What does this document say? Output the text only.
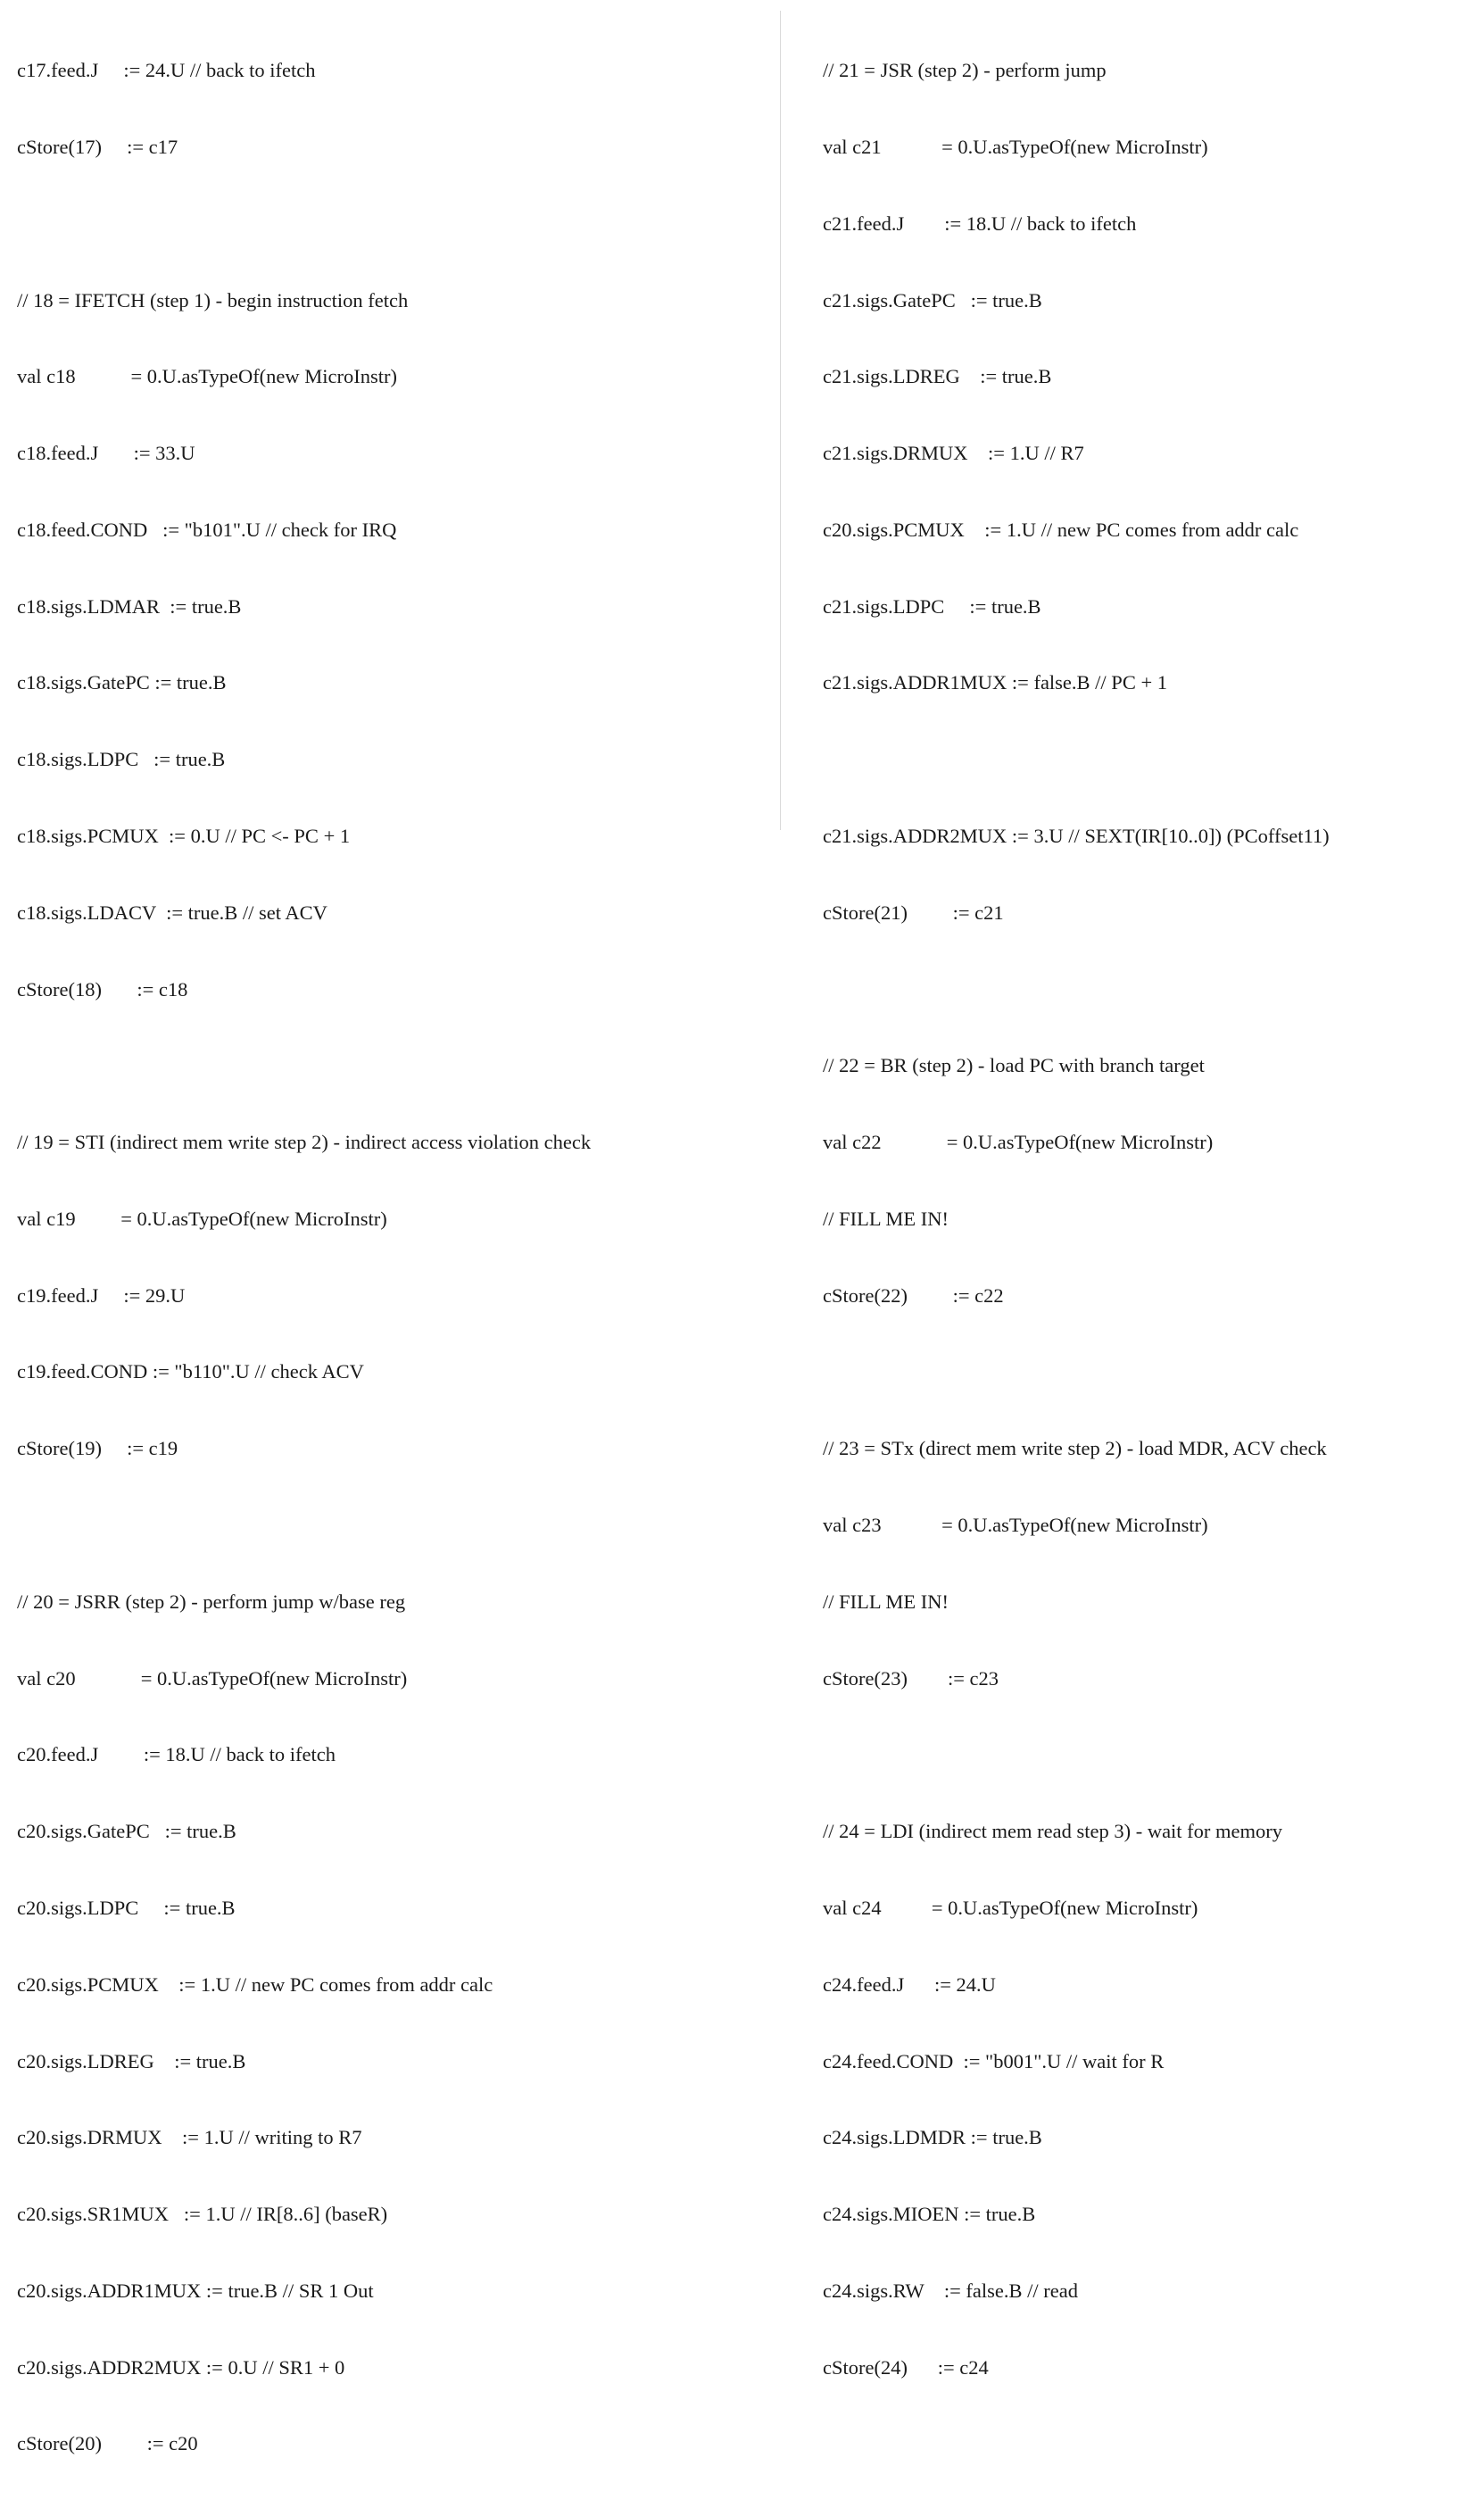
c17.feed.J     := 24.U // back to ifetch

cStore(17)     := c17

// 18 = IFETCH (step 1) - begin instruction fetch

val c18           = 0.U.asTypeOf(new MicroInstr)

c18.feed.J       := 33.U

c18.feed.COND   := "b101".U // check for IRQ

c18.sigs.LDMAR  := true.B

c18.sigs.GatePC := true.B

c18.sigs.LDPC   := true.B

c18.sigs.PCMUX  := 0.U // PC <- PC + 1

c18.sigs.LDACV  := true.B // set ACV

cStore(18)       := c18

// 19 = STI (indirect mem write step 2) - indirect access violation check

val c19         = 0.U.asTypeOf(new MicroInstr)

c19.feed.J     := 29.U

c19.feed.COND := "b110".U // check ACV

cStore(19)     := c19

// 20 = JSRR (step 2) - perform jump w/base reg

val c20             = 0.U.asTypeOf(new MicroInstr)

c20.feed.J         := 18.U // back to ifetch

c20.sigs.GatePC   := true.B

c20.sigs.LDPC     := true.B

c20.sigs.PCMUX    := 1.U // new PC comes from addr calc

c20.sigs.LDREG    := true.B

c20.sigs.DRMUX    := 1.U // writing to R7

c20.sigs.SR1MUX   := 1.U // IR[8..6] (baseR)

c20.sigs.ADDR1MUX := true.B // SR 1 Out

c20.sigs.ADDR2MUX := 0.U // SR1 + 0

cStore(20)         := c20

// 21 = JSR (step 2) - perform jump

val c21            = 0.U.asTypeOf(new MicroInstr)

c21.feed.J        := 18.U // back to ifetch

c21.sigs.GatePC   := true.B

c21.sigs.LDREG    := true.B

c21.sigs.DRMUX    := 1.U // R7

c20.sigs.PCMUX    := 1.U // new PC comes from addr calc

c21.sigs.LDPC     := true.B

c21.sigs.ADDR1MUX := false.B // PC + 1

c21.sigs.ADDR2MUX := 3.U // SEXT(IR[10..0]) (PCoffset11)

cStore(21)         := c21

// 22 = BR (step 2) - load PC with branch target

val c22             = 0.U.asTypeOf(new MicroInstr)

// FILL ME IN!

cStore(22)         := c22

// 23 = STx (direct mem write step 2) - load MDR, ACV check

val c23            = 0.U.asTypeOf(new MicroInstr)

// FILL ME IN!

cStore(23)        := c23

// 24 = LDI (indirect mem read step 3) - wait for memory

val c24          = 0.U.asTypeOf(new MicroInstr)

c24.feed.J      := 24.U

c24.feed.COND  := "b001".U // wait for R

c24.sigs.LDMDR := true.B

c24.sigs.MIOEN := true.B

c24.sigs.RW    := false.B // read

cStore(24)      := c24
